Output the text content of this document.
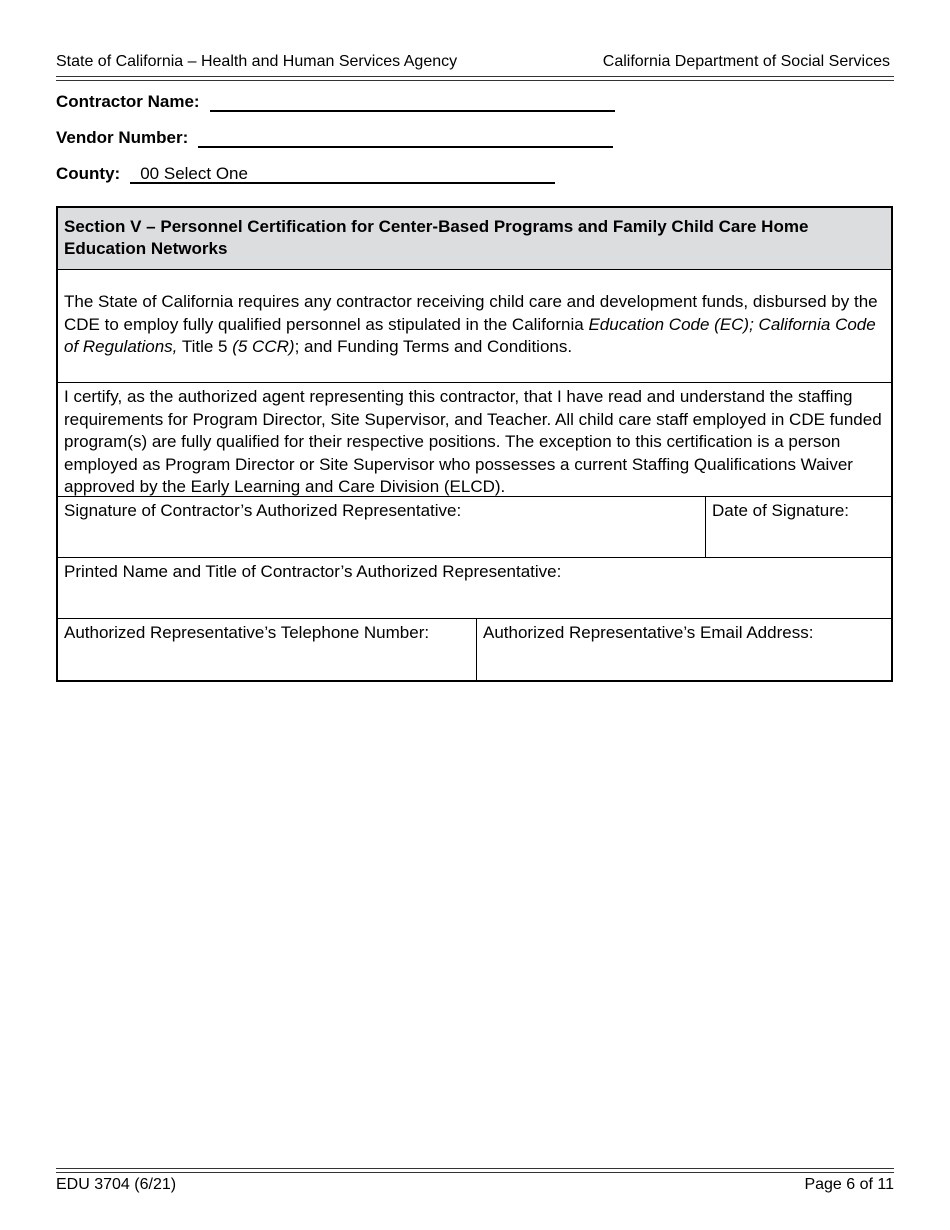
State of California – Health and Human Services Agency	California Department of Social Services
Contractor Name:
Vendor Number:
County:	00 Select One
Section V – Personnel Certification for Center-Based Programs and Family Child Care Home Education Networks
The State of California requires any contractor receiving child care and development funds, disbursed by the CDE to employ fully qualified personnel as stipulated in the California Education Code (EC); California Code of Regulations, Title 5 (5 CCR); and Funding Terms and Conditions.
I certify, as the authorized agent representing this contractor, that I have read and understand the staffing requirements for Program Director, Site Supervisor, and Teacher. All child care staff employed in CDE funded program(s) are fully qualified for their respective positions. The exception to this certification is a person employed as Program Director or Site Supervisor who possesses a current Staffing Qualifications Waiver approved by the Early Learning and Care Division (ELCD).
Signature of Contractor’s Authorized Representative:	Date of Signature:
Printed Name and Title of Contractor’s Authorized Representative:
Authorized Representative’s Telephone Number:	Authorized Representative’s Email Address:
EDU 3704 (6/21)	Page 6 of 11
